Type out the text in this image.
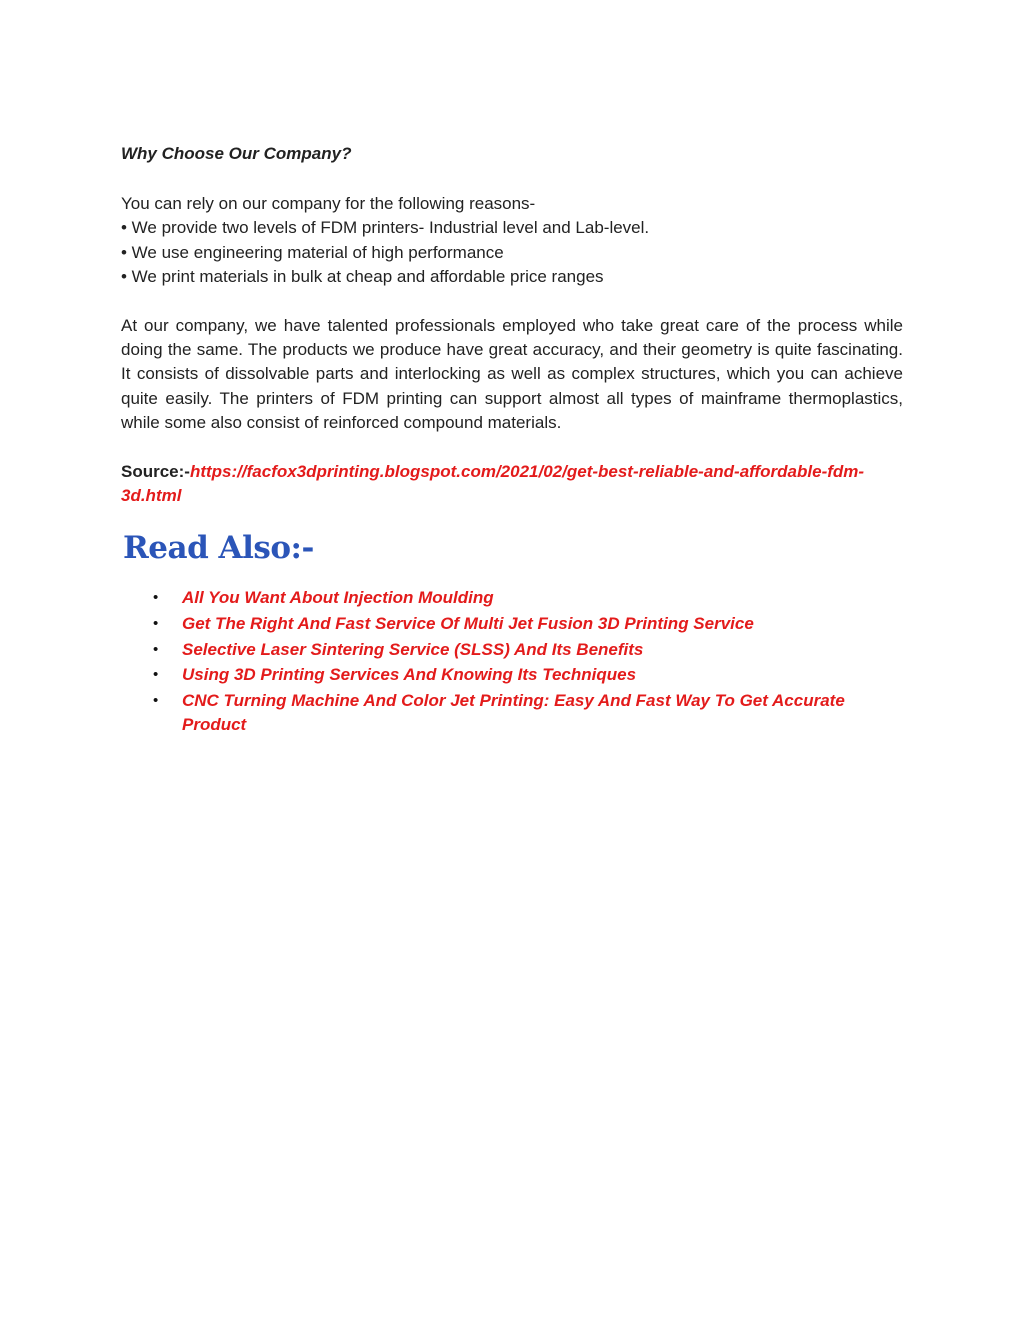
Why Choose Our Company?

You can rely on our company for the following reasons-

• We provide two levels of FDM printers- Industrial level and Lab-level.
• We use engineering material of high performance
• We print materials in bulk at cheap and affordable price ranges

At our company, we have talented professionals employed who take great care of the process while doing the same. The products we produce have great accuracy, and their geometry is quite fascinating. It consists of dissolvable parts and interlocking as well as complex structures, which you can achieve quite easily. The printers of FDM printing can support almost all types of mainframe thermoplastics, while some also consist of reinforced compound materials.

Source:-https://facfox3dprinting.blogspot.com/2021/02/get-best-reliable-and-affordable-fdm-3d.html

Read Also:-
• All You Want About Injection Moulding
• Get The Right And Fast Service Of Multi Jet Fusion 3D Printing Service
• Selective Laser Sintering Service (SLSS) And Its Benefits
• Using 3D Printing Services And Knowing Its Techniques
• CNC Turning Machine And Color Jet Printing: Easy And Fast Way To Get Accurate Product
